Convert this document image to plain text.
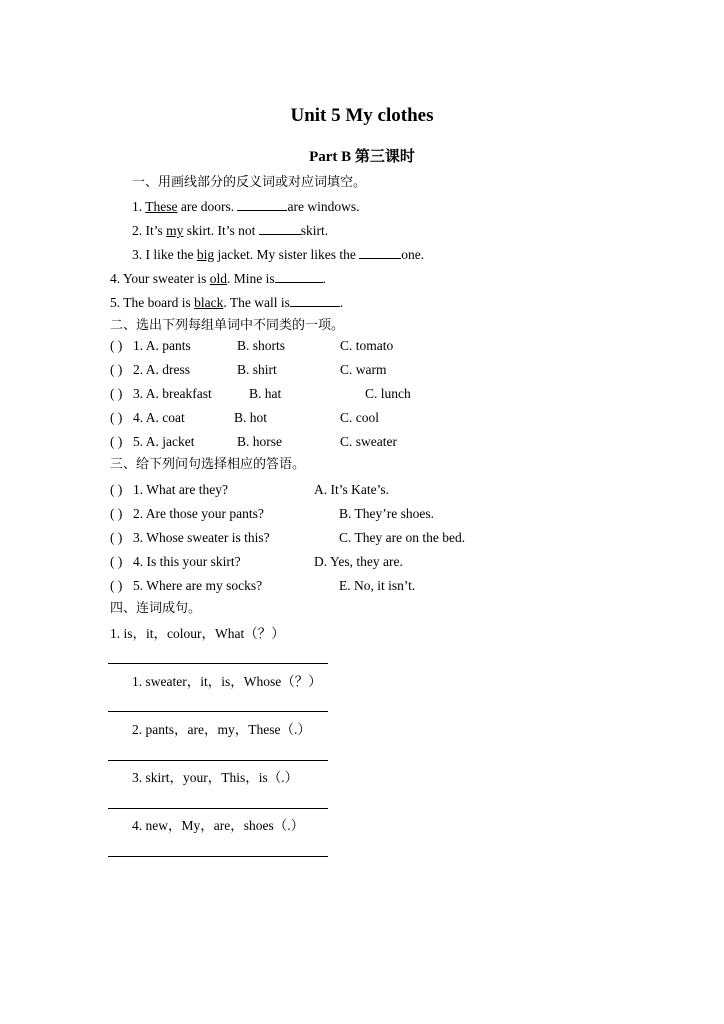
Unit 5 My clothes
Part B 第三课时
一、用画线部分的反义词或对应词填空。
1. These are doors.	are windows.
2. It’s my skirt. It’s not	skirt.
3. I like the big jacket. My sister likes the	one.
4. Your sweater is old. Mine is	.
5. The board is black. The wall is	.
二、选出下列每组单词中不同类的一项。
( ) 1. A. pants	B. shorts	C. tomato
( ) 2. A. dress	B. shirt	C. warm
( ) 3. A. breakfast	B. hat	C. lunch
( ) 4. A. coat	B. hot	C. cool
( ) 5. A. jacket	B. horse	C. sweater
三、给下列问句选择相应的答语。
( ) 1. What are they?	A. It’s Kate’s.
( ) 2. Are those your pants?	B. They’re shoes.
( ) 3. Whose sweater is this?	C. They are on the bed.
( ) 4. Is this your skirt?	D. Yes, they are.
( ) 5. Where are my socks?	E. No, it isn’t.
四、连词成句。
1. is，it，colour，What（？）
1. sweater，it，is，Whose（？）
2. pants，are，my，These（.）
3. skirt，your，This，is（.）
4. new，My，are，shoes（.）
